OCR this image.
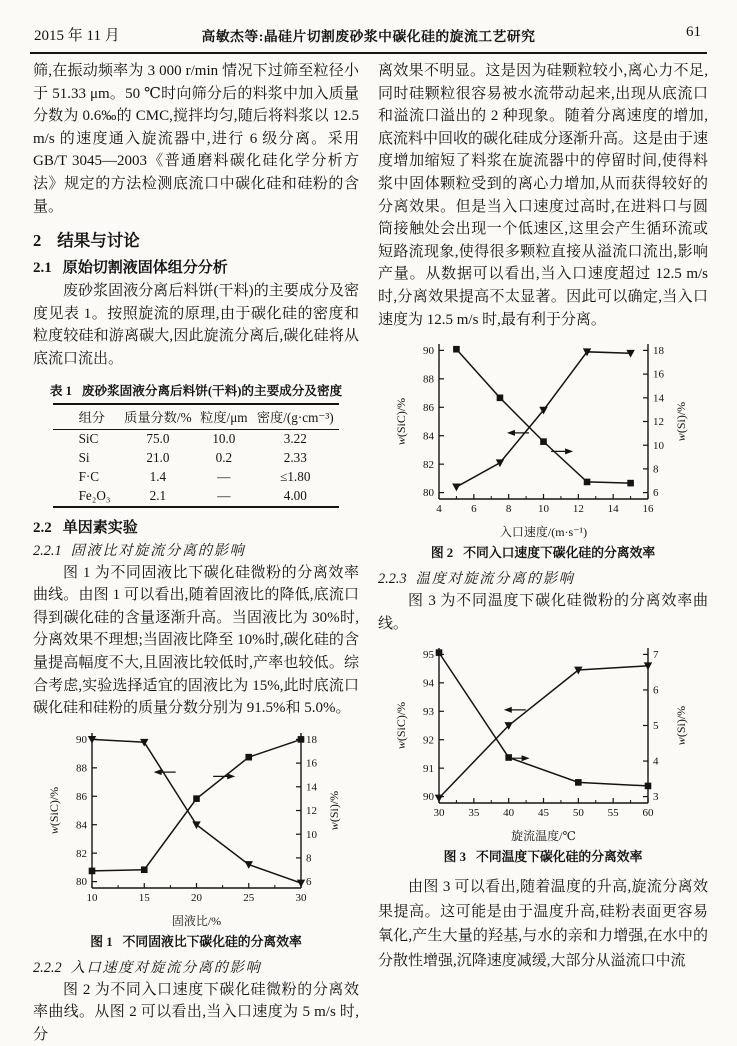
2015 年 11 月	高敏杰等:晶硅片切割废砂浆中碳化硅的旋流工艺研究	61

筛,在振动频率为 3 000 r/min 情况下过筛至粒径小于 51.33 μm。50 ℃时向筛分后的料浆中加入质量分数为 0.6‰的 CMC,搅拌均匀,随后将料浆以 12.5 m/s 的速度通入旋流器中,进行 6 级分离。采用 GB/T 3045—2003《普通磨料碳化硅化学分析方法》规定的方法检测底流口中碳化硅和硅粉的含量。

2 结果与讨论
2.1 原始切割液固体组分分析

废砂浆固液分离后料饼(干料)的主要成分及密度见表 1。按照旋流的原理,由于碳化硅的密度和粒度较硅和游离碳大,因此旋流分离后,碳化硅将从底流口流出。

表 1 废砂浆固液分离后料饼(干料)的主要成分及密度
组分	质量分数/%	粒度/μm	密度/(g·cm⁻³)
SiC	75.0	10.0	3.22
Si	21.0	0.2	2.33
F·C	1.4	—	≤1.80
Fe₂O₃	2.1	—	4.00
2.2 单因素实验
2.2.1 固液比对旋流分离的影响

图 1 为不同固液比下碳化硅微粉的分离效率曲线。由图 1 可以看出,随着固液比的降低,底流口得到碳化硅的含量逐渐升高。当固液比为 30%时,分离效果不理想;当固液比降至 10%时,碳化硅的含量提高幅度不大,且固液比较低时,产率也较低。综合考虑,实验选择适宜的固液比为 15%,此时底流口碳化硅和硅粉的质量分数分别为 91.5%和 5.0%。

10	15	20	25	30
80
82
84
86
88
90
6
8
10
12
14
16
18
w(SiC)/%
w(Si)/%
固液比/%
图 1 不同固液比下碳化硅的分离效率
2.2.2 入口速度对旋流分离的影响

图 2 为不同入口速度下碳化硅微粉的分离效率曲线。从图 2 可以看出,当入口速度为 5 m/s 时,分

离效果不明显。这是因为硅颗粒较小,离心力不足,同时硅颗粒很容易被水流带动起来,出现从底流口和溢流口溢出的 2 种现象。随着分离速度的增加,底流料中回收的碳化硅成分逐渐升高。这是由于速度增加缩短了料浆在旋流器中的停留时间,使得料浆中固体颗粒受到的离心力增加,从而获得较好的分离效果。但是当入口速度过高时,在进料口与圆筒接触处会出现一个低速区,这里会产生循环流或短路流现象,使得很多颗粒直接从溢流口流出,影响产量。从数据可以看出,当入口速度超过 12.5 m/s 时,分离效果提高不太显著。因此可以确定,当入口速度为 12.5 m/s 时,最有利于分离。

4	6	8 10 12 14 16
80
82
84
86
88
90
6
8
10
12
14
16
18
w(SiC)/%
w(Si)/%
入口速度/(m·s⁻¹)
图 2 不同入口速度下碳化硅的分离效率
2.2.3 温度对旋流分离的影响

图 3 为不同温度下碳化硅微粉的分离效率曲线。

30 35 40 45 50 55 60
90
91
92
93
94
95
3
4
5
6
7
w(SiC)/%
w(Si)/%
旋流温度/℃
图 3 不同温度下碳化硅的分离效率

由图 3 可以看出,随着温度的升高,旋流分离效果提高。这可能是由于温度升高,硅粉表面更容易氧化,产生大量的羟基,与水的亲和力增强,在水中的分散性增强,沉降速度减缓,大部分从溢流口中流
